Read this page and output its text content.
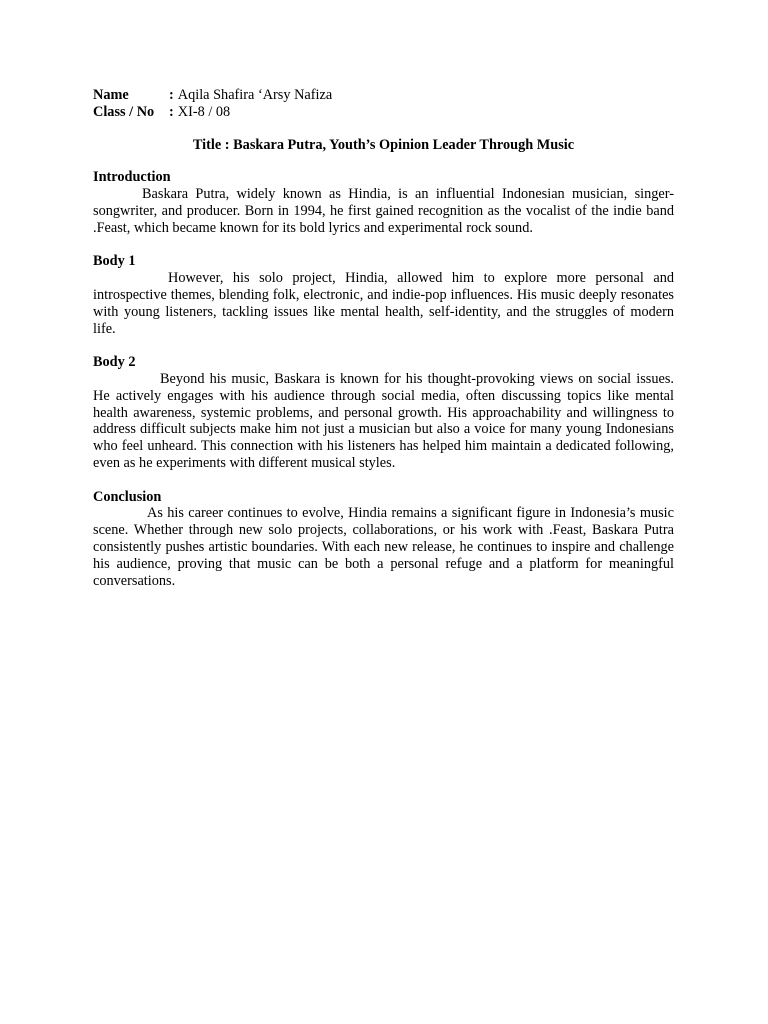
Name	:	Aqila Shafira ‘Arsy Nafiza
Class / No	:	XI-8 / 08
Title : Baskara Putra, Youth’s Opinion Leader Through Music
Introduction

Baskara Putra, widely known as Hindia, is an influential Indonesian musician, singer-songwriter, and producer. Born in 1994, he first gained recognition as the vocalist of the indie band .Feast, which became known for its bold lyrics and experimental rock sound.

Body 1

However, his solo project, Hindia, allowed him to explore more personal and introspective themes, blending folk, electronic, and indie-pop influences. His music deeply resonates with young listeners, tackling issues like mental health, self-identity, and the struggles of modern life.

Body 2

Beyond his music, Baskara is known for his thought-provoking views on social issues. He actively engages with his audience through social media, often discussing topics like mental health awareness, systemic problems, and personal growth. His approachability and willingness to address difficult subjects make him not just a musician but also a voice for many young Indonesians who feel unheard. This connection with his listeners has helped him maintain a dedicated following, even as he experiments with different musical styles.

Conclusion

As his career continues to evolve, Hindia remains a significant figure in Indonesia’s music scene. Whether through new solo projects, collaborations, or his work with .Feast, Baskara Putra consistently pushes artistic boundaries. With each new release, he continues to inspire and challenge his audience, proving that music can be both a personal refuge and a platform for meaningful conversations.
